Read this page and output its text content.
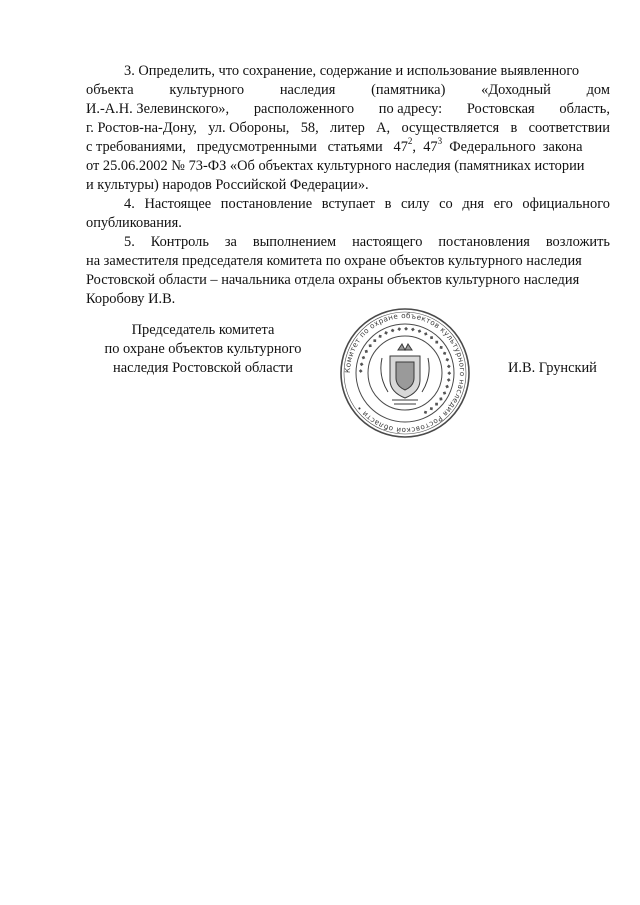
3. Определить, что сохранение, содержание и использование выявленного
объекта культурного наследия (памятника) «Доходный дом
И.-А.Н. Зелевинского», расположенного по адресу: Ростовская область,
г. Ростов-на-Дону, ул. Обороны, 58, литер А, осуществляется в соответствии
с требованиями,   предусмотренными   статьями   $47^2$,  $47^3$  Федерального  закона
от 25.06.2002 № 73-ФЗ «Об объектах культурного наследия (памятниках истории
и культуры) народов Российской Федерации».
4. Настоящее постановление вступает в силу со дня его официального
опубликования.
5. Контроль за выполнением настоящего постановления возложить
на заместителя председателя комитета по охране объектов культурного наследия
Ростовской области – начальника отдела охраны объектов культурного наследия
Коробову И.В.
Председатель комитета
по охране объектов культурного
наследия Ростовской области	Комитет по охране объектов культурного наследия Ростовской области •
◆ ◆ ◆ ◆ ◆ ◆ ◆ ◆ ◆ ◆ ◆ ◆ ◆ ◆ ◆ ◆ ◆ ◆ ◆ ◆ ◆ ◆ ◆ ◆ ◆ ◆ ◆ ◆
И.В. Грунский
